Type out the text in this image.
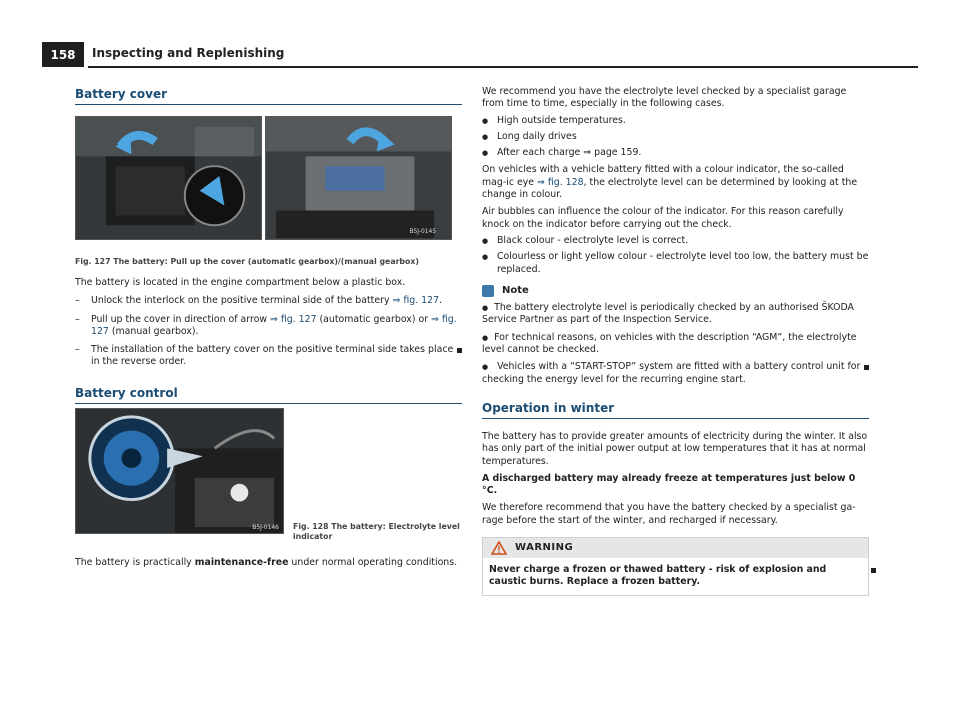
158	Inspecting and Replenishing
B5J-0145
B5J-0146
Battery cover
Fig. 127 The battery: Pull up the cover (automatic gearbox)/(manual gearbox)

The battery is located in the engine compartment below a plastic box.

– Unlock the interlock on the positive terminal side of the battery ⇒ fig. 127.
– Pull up the cover in direction of arrow ⇒ fig. 127 (automatic gearbox) or ⇒ fig. 127 (manual gearbox).
– The installation of the battery cover on the positive terminal side takes place in the reverse order.
Battery control
Fig. 128 The battery: Electrolyte level indicator

The battery is practically maintenance-free under normal operating conditions.

We recommend you have the electrolyte level checked by a specialist garage from time to time, especially in the following cases.

● High outside temperatures.
● Long daily drives
● After each charge ⇒ page 159.

On vehicles with a vehicle battery fitted with a colour indicator, the so-called mag-ic eye ⇒ fig. 128, the electrolyte level can be determined by looking at the change in colour.

Air bubbles can influence the colour of the indicator. For this reason carefully knock on the indicator before carrying out the check.

● Black colour - electrolyte level is correct.
● Colourless or light yellow colour - electrolyte level too low, the battery must be replaced.
Note

● The battery electrolyte level is periodically checked by an authorised ŠKODA Service Partner as part of the Inspection Service.

● For technical reasons, on vehicles with the description “AGM”, the electrolyte level cannot be checked.

● Vehicles with a “START-STOP” system are fitted with a battery control unit for checking the energy level for the recurring engine start.

Operation in winter

The battery has to provide greater amounts of electricity during the winter. It also has only part of the initial power output at low temperatures that it has at normal temperatures.

A discharged battery may already freeze at temperatures just below 0 °C.

We therefore recommend that you have the battery checked by a specialist ga-rage before the start of the winter, and recharged if necessary.

WARNING
Never charge a frozen or thawed battery - risk of explosion and caustic burns. Replace a frozen battery.
